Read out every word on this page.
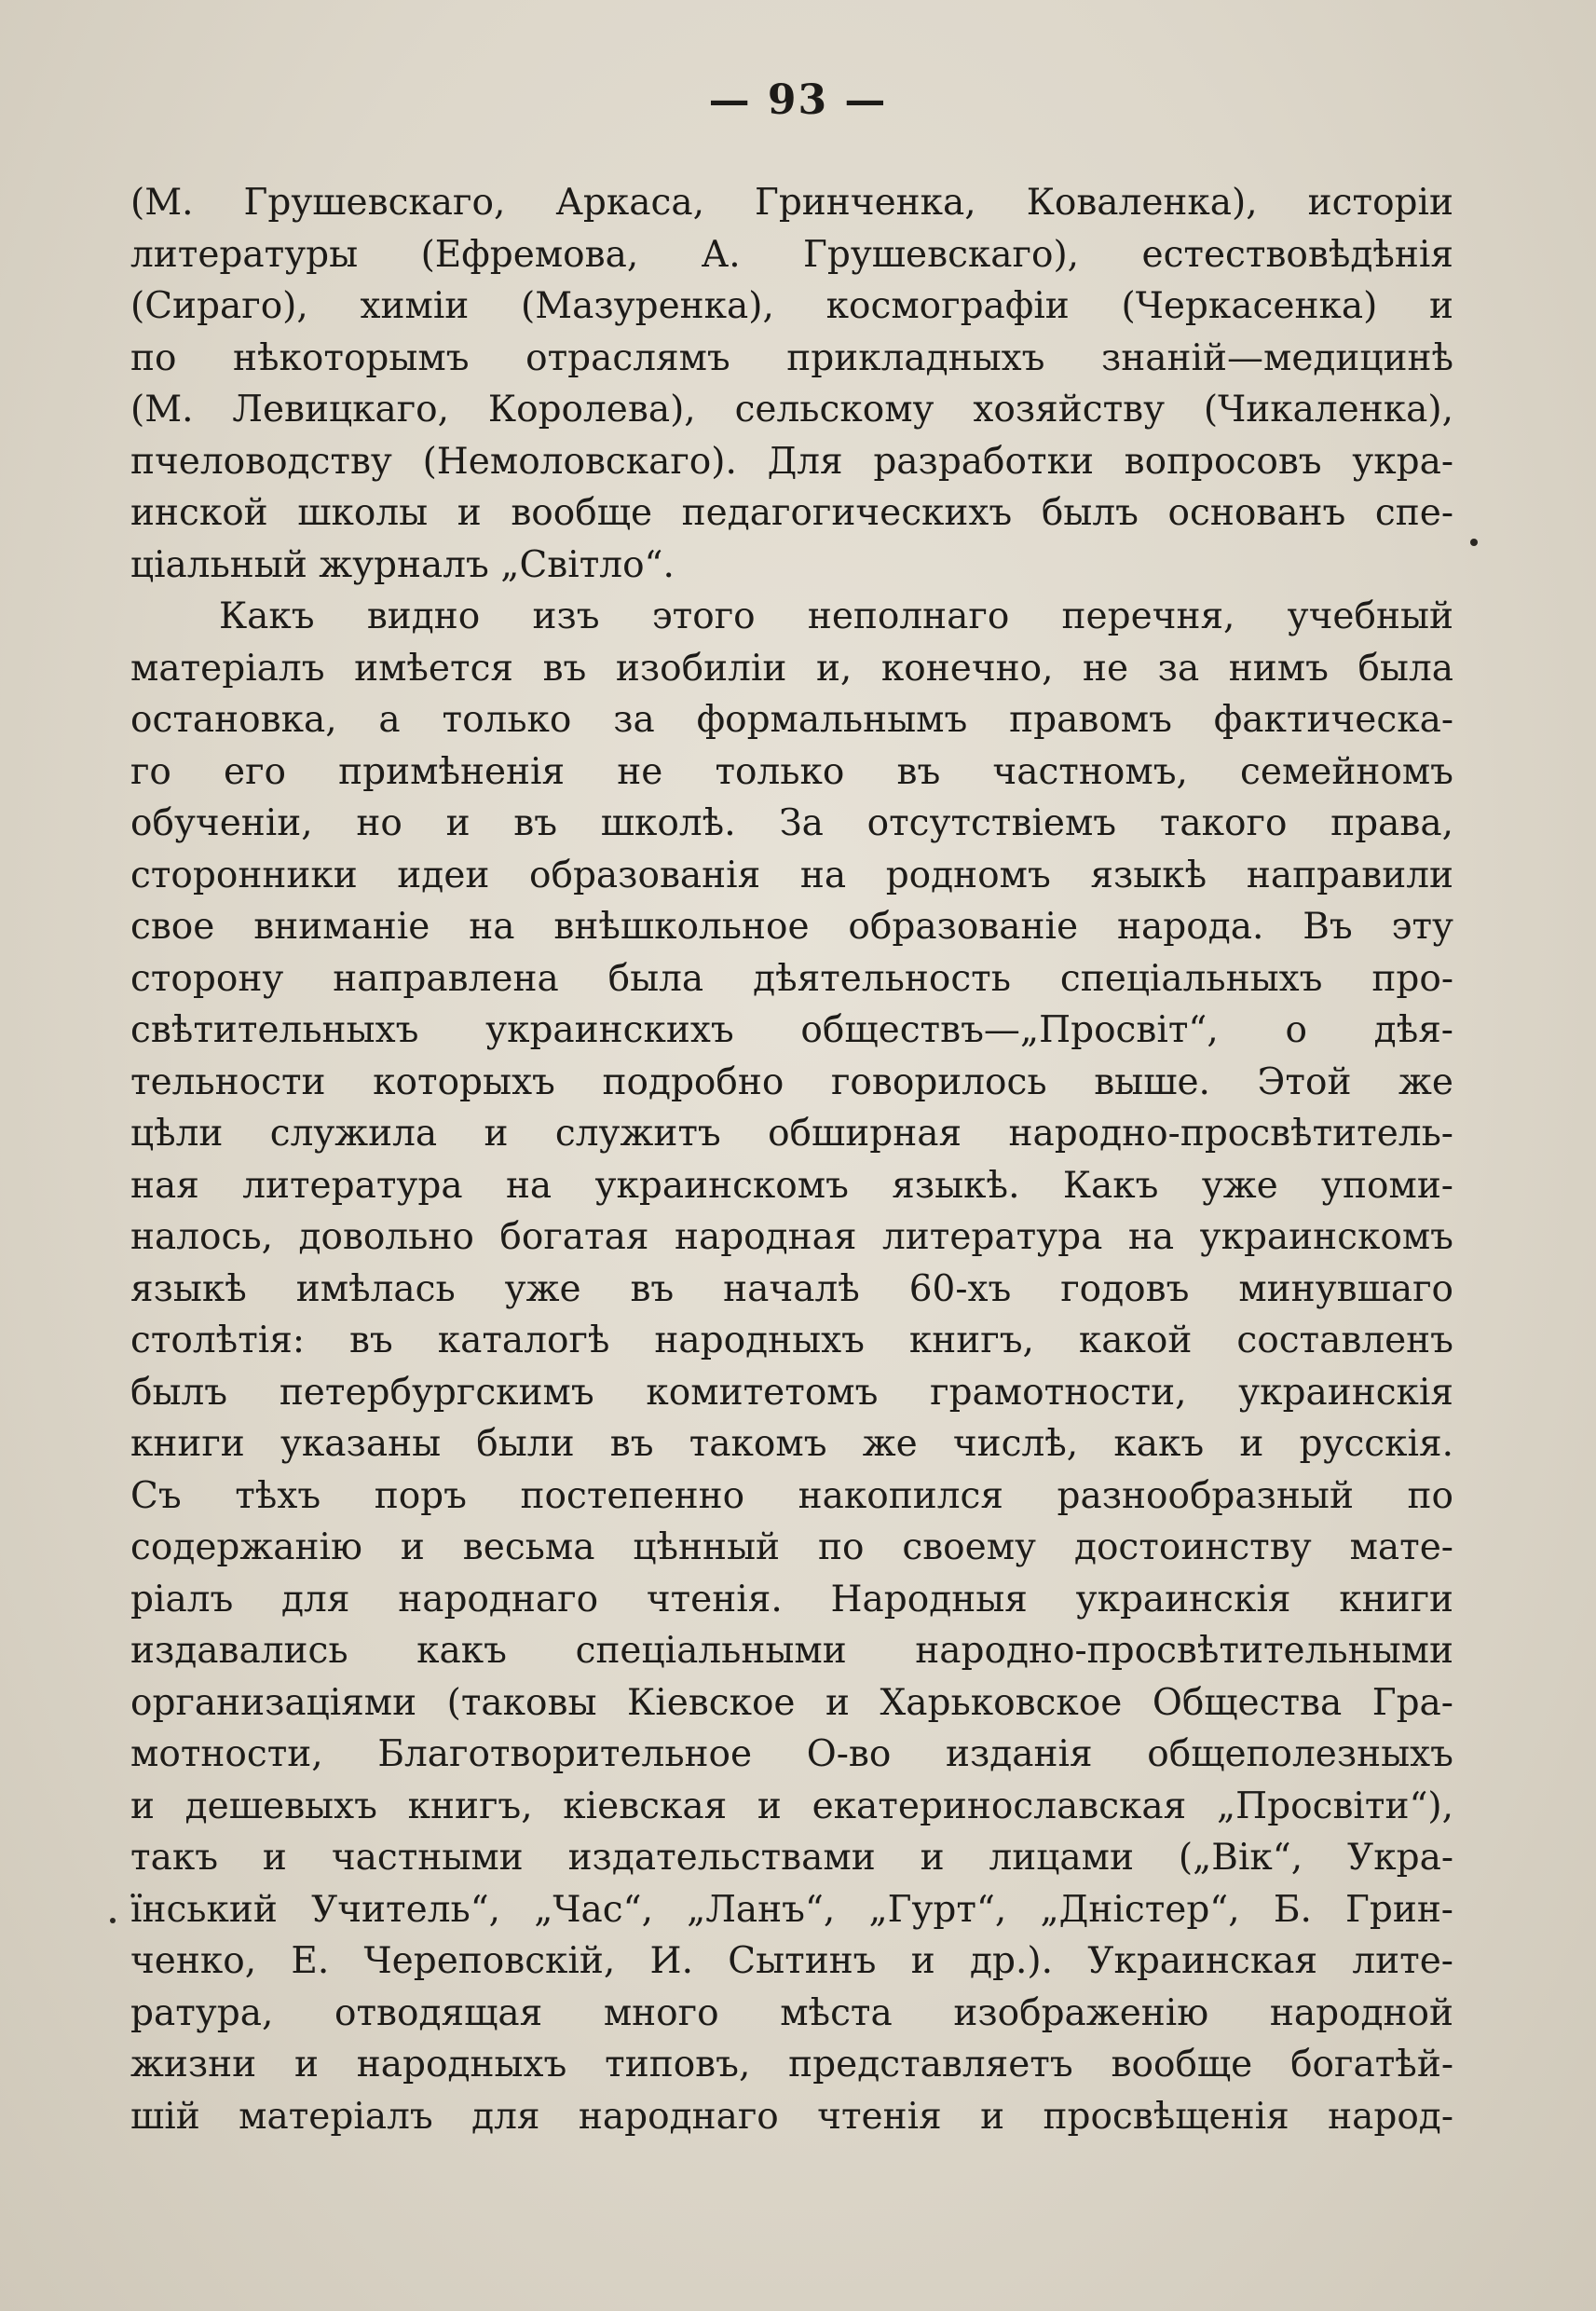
— 93 —
(М. Грушевскаго, Аркаса, Гринченка, Коваленка), исторіи
литературы (Ефремова, А. Грушевскаго), естествовѣдѣнія
(Сираго), химіи (Мазуренка), космографіи (Черкасенка) и
по нѣкоторымъ отраслямъ прикладныхъ знаній—медицинѣ
(М. Левицкаго, Королева), сельскому хозяйству (Чикаленка),
пчеловодству (Немоловскаго). Для разработки вопросовъ укра-
инской школы и вообще педагогическихъ былъ основанъ спе-
ціальный журналъ „Світло“.
Какъ видно изъ этого неполнаго перечня, учебный
матеріалъ имѣется въ изобиліи и, конечно, не за нимъ была
остановка, а только за формальнымъ правомъ фактическа-
го его примѣненія не только въ частномъ, семейномъ
обученіи, но и въ школѣ. За отсутствіемъ такого права,
сторонники идеи образованія на родномъ языкѣ направили
свое вниманіе на внѣшкольное образованіе народа. Въ эту
сторону направлена была дѣятельность спеціальныхъ про-
свѣтительныхъ украинскихъ обществъ—„Просвіт“, о дѣя-
тельности которыхъ подробно говорилось выше. Этой же
цѣли служила и служитъ обширная народно-просвѣтитель-
ная литература на украинскомъ языкѣ. Какъ уже упоми-
налось, довольно богатая народная литература на украинскомъ
языкѣ имѣлась уже въ началѣ 60-хъ годовъ минувшаго
столѣтія: въ каталогѣ народныхъ книгъ, какой составленъ
былъ петербургскимъ комитетомъ грамотности, украинскія
книги указаны были въ такомъ же числѣ, какъ и русскія.
Съ тѣхъ поръ постепенно накопился разнообразный по
содержанію и весьма цѣнный по своему достоинству мате-
ріалъ для народнаго чтенія. Народныя украинскія книги
издавались какъ спеціальными народно-просвѣтительными
организаціями (таковы Кіевское и Харьковское Общества Гра-
мотности, Благотворительное О-во изданія общеполезныхъ
и дешевыхъ книгъ, кіевская и екатеринославская „Просвіти“),
такъ и частными издательствами и лицами („Вік“, Укра-
їнський Учитель“, „Час“, „Ланъ“, „Гурт“, „Дністер“, Б. Грин-
ченко, Е. Череповскій, И. Сытинъ и др.). Украинская лите-
ратура, отводящая много мѣста изображенію народной
жизни и народныхъ типовъ, представляетъ вообще богатѣй-
шій матеріалъ для народнаго чтенія и просвѣщенія народ-
